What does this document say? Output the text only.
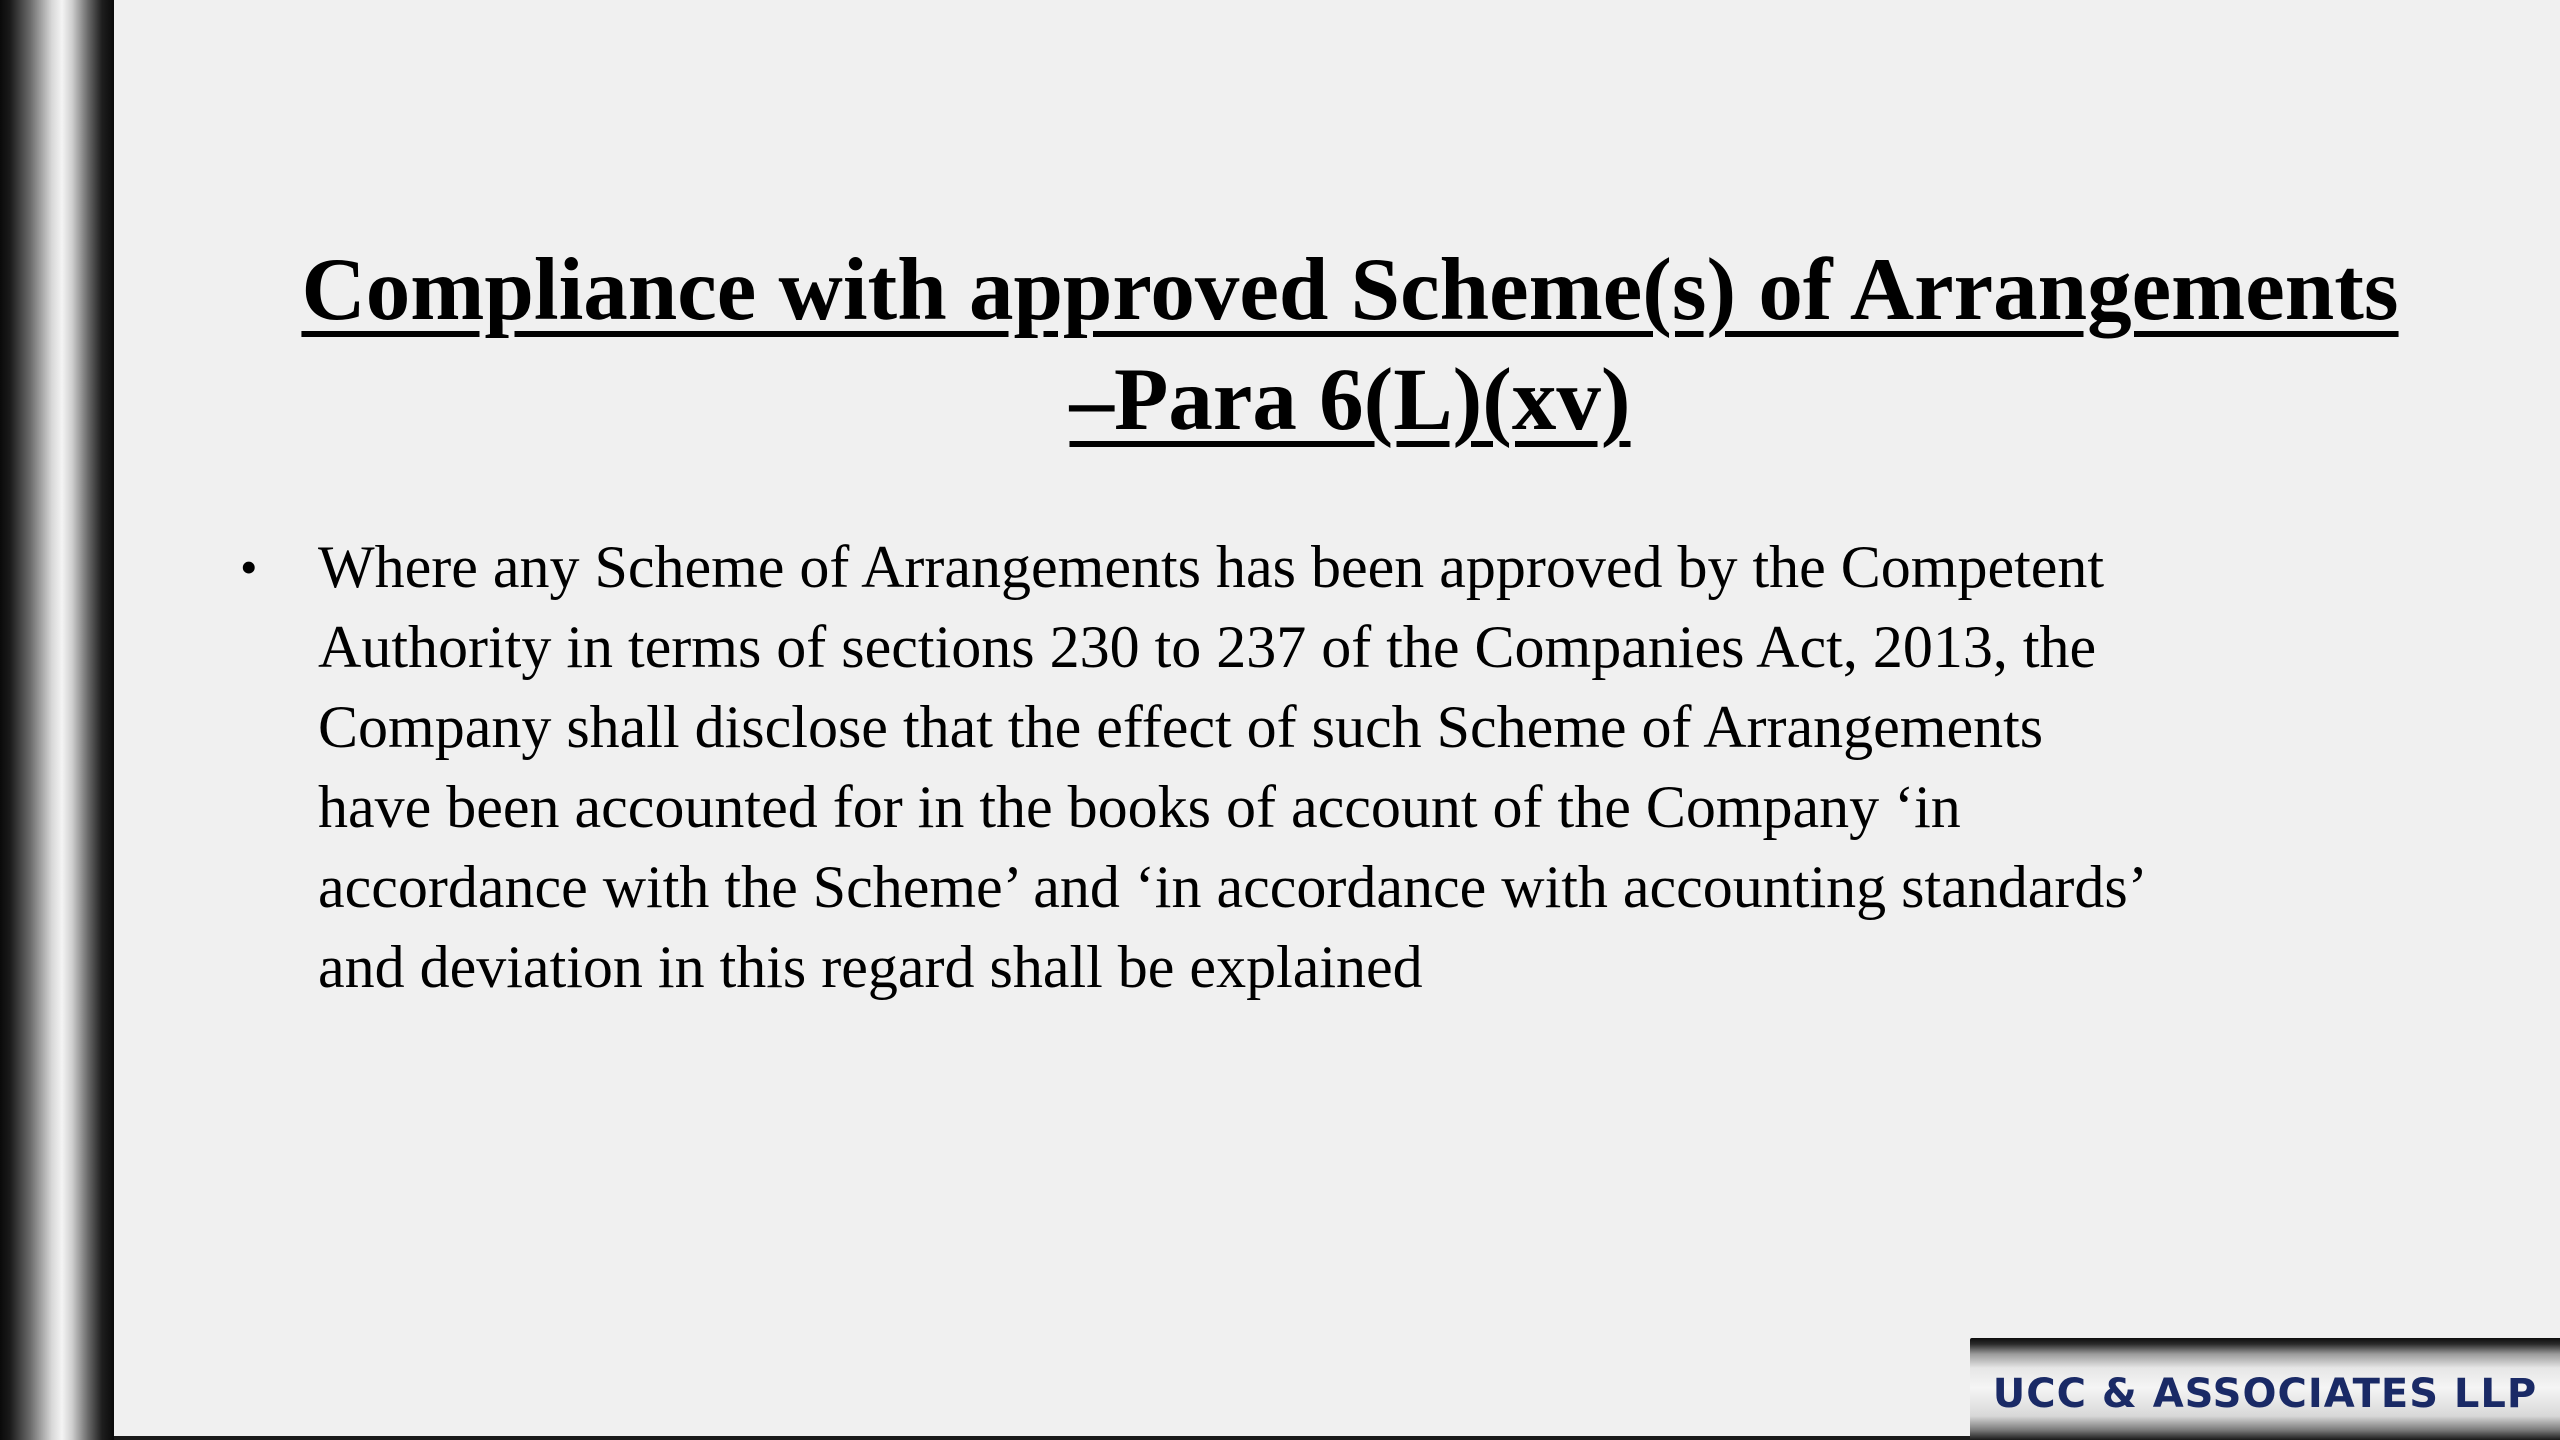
Compliance with approved Scheme(s) of Arrangements
–Para 6(L)(xv)
•	Where any Scheme of Arrangements has been approved by the Competent
Authority in terms of sections 230 to 237 of the Companies Act, 2013, the
Company shall disclose that the effect of such Scheme of Arrangements
have been accounted for in the books of account of the Company ‘in
accordance with the Scheme’ and ‘in accordance with accounting standards’
and deviation in this regard shall be explained
UCC & ASSOCIATES LLP
